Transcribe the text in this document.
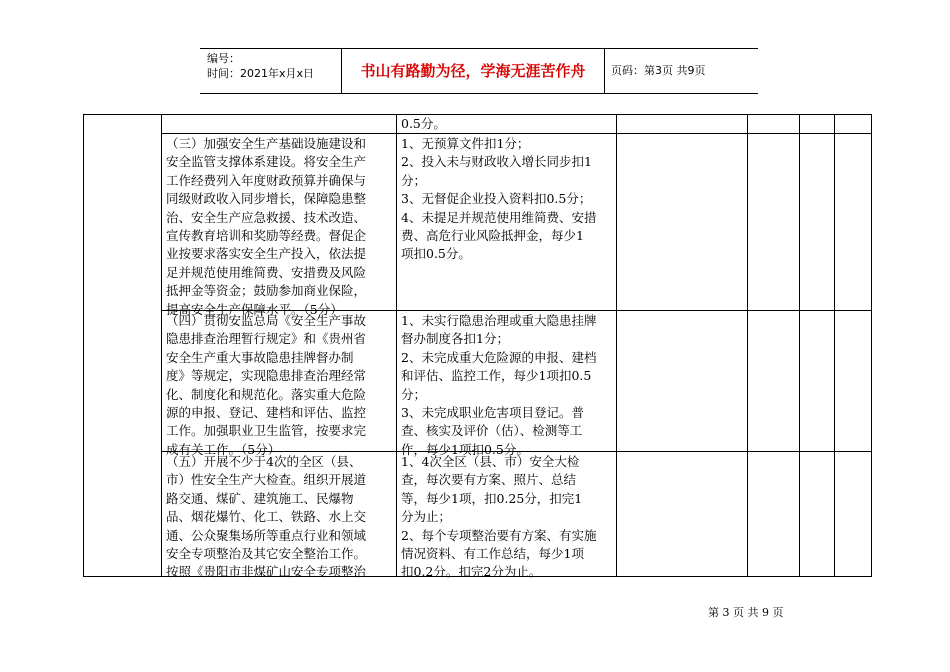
编号：

时间：2021年x月x日	书山有路勤为径，学海无涯苦作舟	页码：第3页 共9页

0.5分。

（三）加强安全生产基础设施建设和

安全监管支撑体系建设。将安全生产

工作经费列入年度财政预算并确保与

同级财政收入同步增长，保障隐患整

治、安全生产应急救援、技术改造、

宣传教育培训和奖励等经费。督促企

业按要求落实安全生产投入，依法提

足并规范使用维简费、安措费及风险

抵押金等资金；鼓励参加商业保险，

提高安全生产保障水平。（5分）

1、无预算文件扣1分；

2、投入未与财政收入增长同步扣1

分；

3、无督促企业投入资料扣0.5分；

4、未提足并规范使用维简费、安措

费、高危行业风险抵押金，每少1

项扣0.5分。

（四）贯彻安监总局《安全生产事故

隐患排查治理暂行规定》和《贵州省

安全生产重大事故隐患挂牌督办制

度》等规定，实现隐患排查治理经常

化、制度化和规范化。落实重大危险

源的申报、登记、建档和评估、监控

工作。加强职业卫生监管，按要求完

成有关工作。（5分）

1、未实行隐患治理或重大隐患挂牌

督办制度各扣1分；

2、未完成重大危险源的申报、建档

和评估、监控工作，每少1项扣0.5

分；

3、未完成职业危害项目登记。普

查、核实及评价（估）、检测等工

作，每少1项扣0.5分。

（五）开展不少于4次的全区（县、

市）性安全生产大检查。组织开展道

路交通、煤矿、建筑施工、民爆物

品、烟花爆竹、化工、铁路、水上交

通、公众聚集场所等重点行业和领域

安全专项整治及其它安全整治工作。

按照《贵阳市非煤矿山安全专项整治

1、4次全区（县、市）安全大检

查，每次要有方案、照片、总结

等，每少1项，扣0.25分，扣完1

分为止；

2、每个专项整治要有方案、有实施

情况资料、有工作总结，每少1项

扣0.2分。扣完2分为止。

第 3 页 共 9 页
